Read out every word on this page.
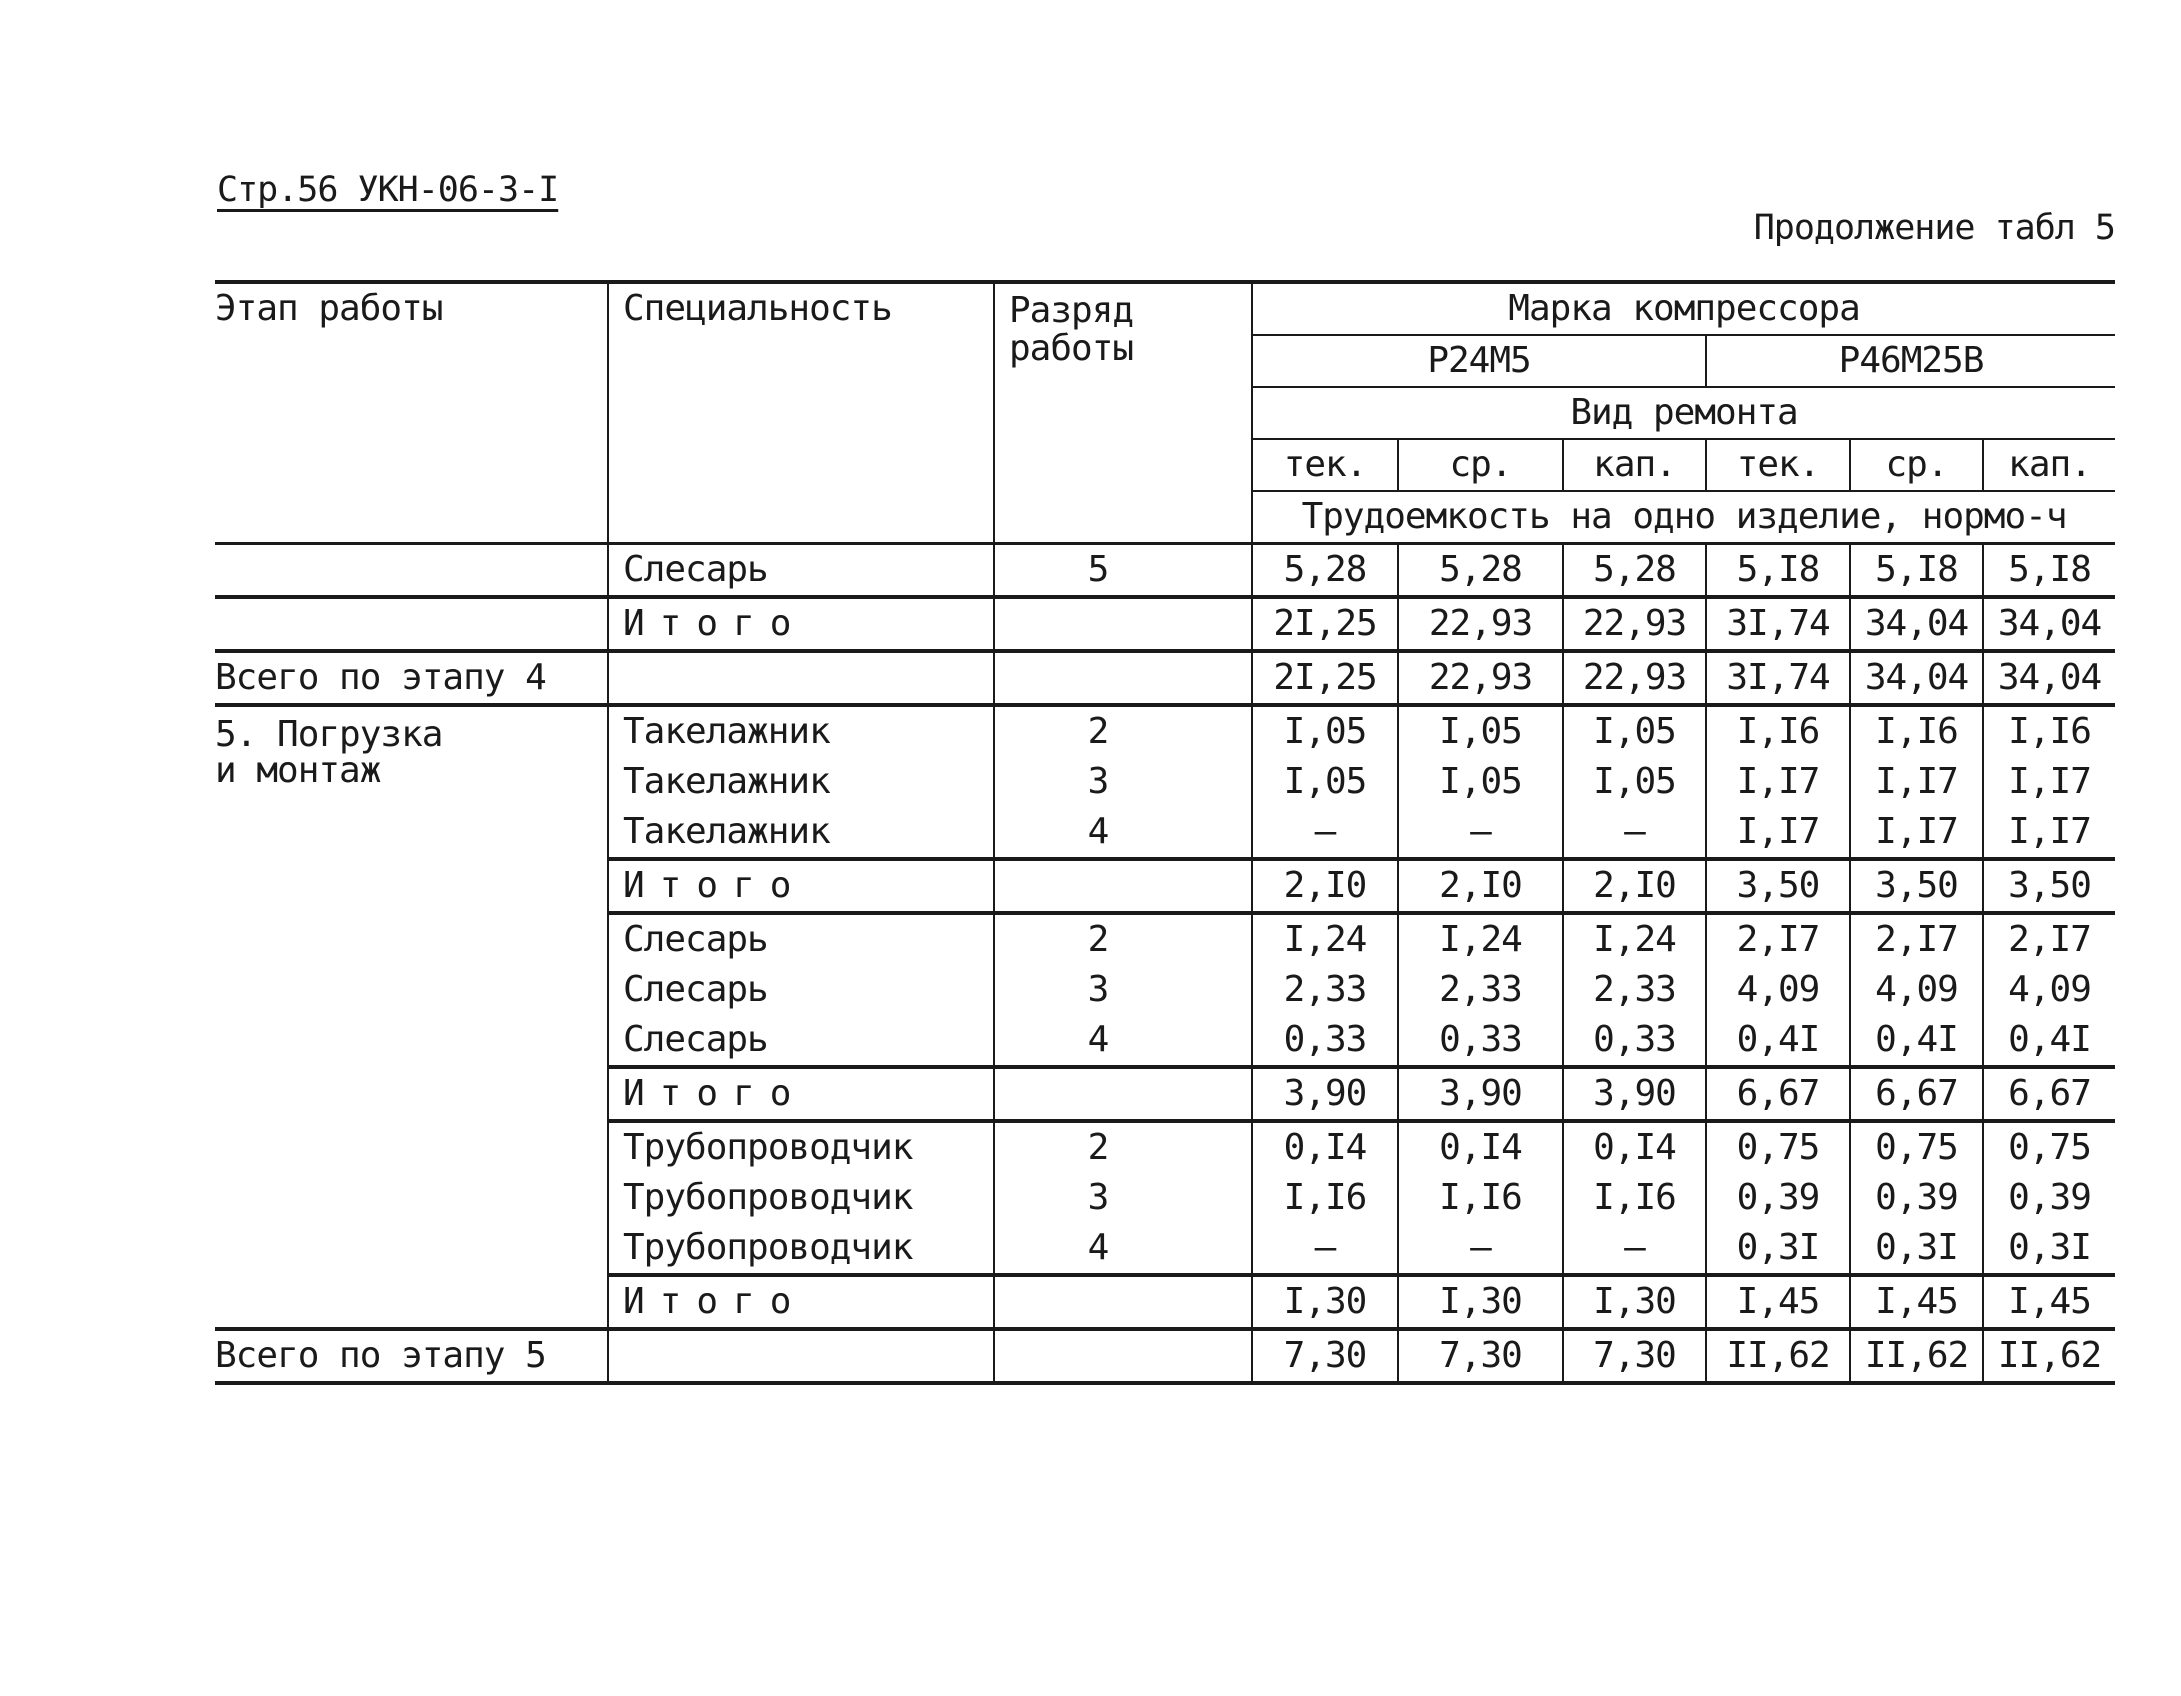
Стр.56 УКН-06-3-I
Продолжение табл 5
Этап работы	Специальность	Разряд работы	Марка компрессора					
			Р24М5			Р46М25В		
			Вид ремонта					
			тек.	ср.	кап.	тек.	ср.	кап.
			Трудоемкость на одно изделие, нормо-ч					
	Слесарь	5	5,28	5,28	5,28	5,I8	5,I8	5,I8
	Итого		2I,25	22,93	22,93	3I,74	34,04	34,04
Всего по этапу 4			2I,25	22,93	22,93	3I,74	34,04	34,04
5. Погрузка
и монтаж	Такелажник	2	I,05	I,05	I,05	I,I6	I,I6	I,I6
	Такелажник	3	I,05	I,05	I,05	I,I7	I,I7	I,I7
	Такелажник	4	–	–	–	I,I7	I,I7	I,I7
	Итого		2,I0	2,I0	2,I0	3,50	3,50	3,50
	Слесарь	2	I,24	I,24	I,24	2,I7	2,I7	2,I7
	Слесарь	3	2,33	2,33	2,33	4,09	4,09	4,09
	Слесарь	4	0,33	0,33	0,33	0,4I	0,4I	0,4I
	Итого		3,90	3,90	3,90	6,67	6,67	6,67
	Трубопроводчик	2	0,I4	0,I4	0,I4	0,75	0,75	0,75
	Трубопроводчик	3	I,I6	I,I6	I,I6	0,39	0,39	0,39
	Трубопроводчик	4	–	–	–	0,3I	0,3I	0,3I
	Итого		I,30	I,30	I,30	I,45	I,45	I,45
Всего по этапу 5			7,30	7,30	7,30	II,62	II,62	II,62
